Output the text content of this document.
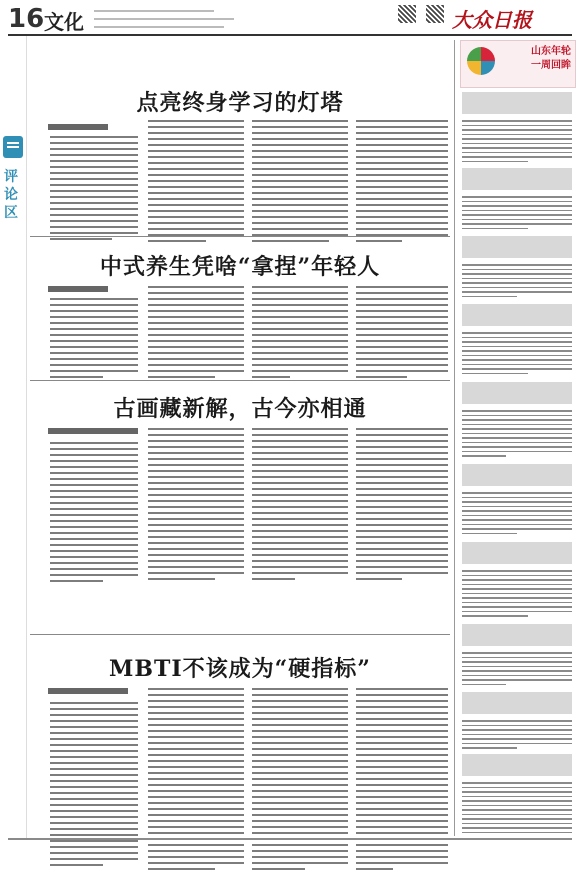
16 文化	大众日报
评论区
点亮终身学习的灯塔
中式养生凭啥“拿捏”年轻人
古画藏新解，古今亦相通
MBTI不该成为“硬指标”
山东年轮
一周回眸
